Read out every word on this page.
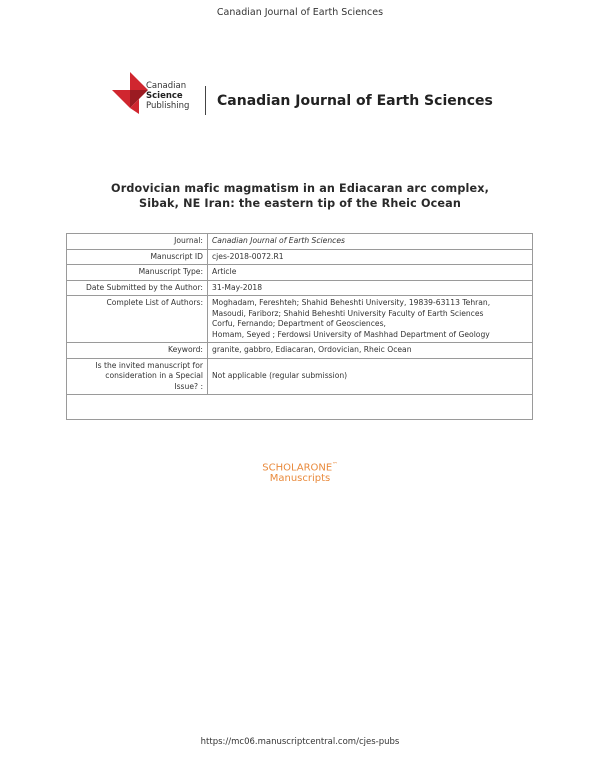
Canadian Journal of Earth Sciences
Canadian
Science
Publishing Canadian Journal of Earth Sciences
Ordovician mafic magmatism in an Ediacaran arc complex,
Sibak, NE Iran: the eastern tip of the Rheic Ocean
Journal:	Canadian Journal of Earth Sciences
Manuscript ID	cjes-2018-0072.R1
Manuscript Type:	Article
Date Submitted by the Author:	31-May-2018
Complete List of Authors:	Moghadam, Fereshteh; Shahid Beheshti University, 19839-63113 Tehran,
Masoudi, Fariborz; Shahid Beheshti University Faculty of Earth Sciences
Corfu, Fernando; Department of Geosciences,
Homam, Seyed ; Ferdowsi University of Mashhad Department of Geology

Keyword:	granite, gabbro, Ediacaran, Ordovician, Rheic Ocean

Is the invited manuscript for
consideration in a Special
Issue? :	Not applicable (regular submission)

SCHOLARONE™
Manuscripts
https://mc06.manuscriptcentral.com/cjes-pubs
